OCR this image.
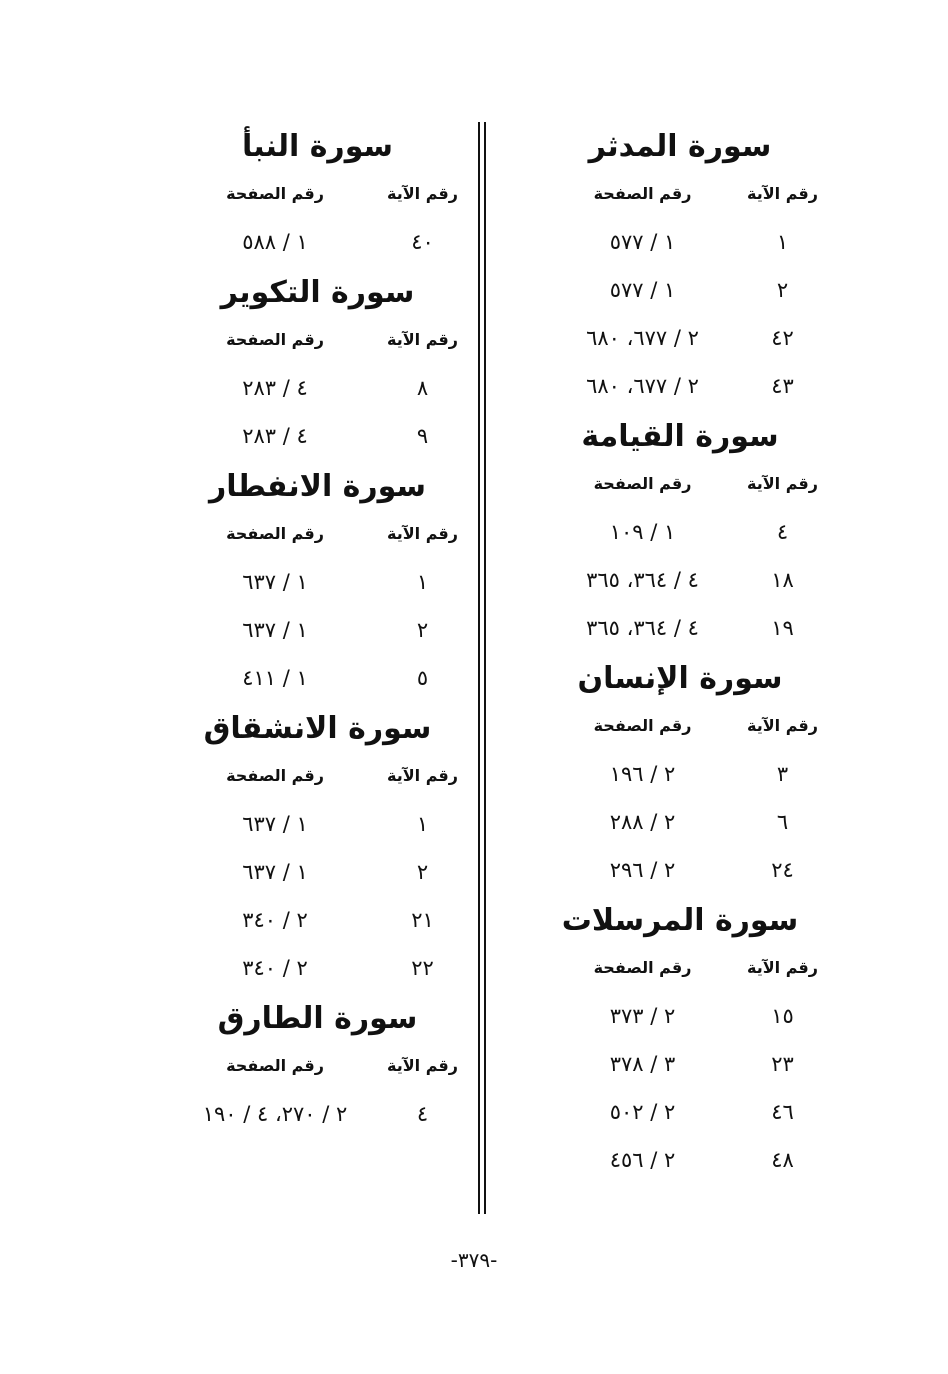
سورة المدثر
رقم الآية
رقم الصفحة
١
١ / ٥٧٧
٢
١ / ٥٧٧
٤٢
٢ / ٦٧٧، ٦٨٠
٤٣
٢ / ٦٧٧، ٦٨٠
سورة القيامة
رقم الآية
رقم الصفحة
٤
١ / ١٠٩
١٨
٤ / ٣٦٤، ٣٦٥
١٩
٤ / ٣٦٤، ٣٦٥
سورة الإنسان
رقم الآية
رقم الصفحة
٣
٢ / ١٩٦
٦
٢ / ٢٨٨
٢٤
٢ / ٢٩٦
سورة المرسلات
رقم الآية
رقم الصفحة
١٥
٢ / ٣٧٣
٢٣
٣ / ٣٧٨
٤٦
٢ / ٥٠٢
٤٨
٢ / ٤٥٦
سورة النبأ
رقم الآية
رقم الصفحة
٤٠
١ / ٥٨٨
سورة التكوير
رقم الآية
رقم الصفحة
٨
٤ / ٢٨٣
٩
٤ / ٢٨٣
سورة الانفطار
رقم الآية
رقم الصفحة
١
١ / ٦٣٧
٢
١ / ٦٣٧
٥
١ / ٤١١
سورة الانشقاق
رقم الآية
رقم الصفحة
١
١ / ٦٣٧
٢
١ / ٦٣٧
٢١
٢ / ٣٤٠
٢٢
٢ / ٣٤٠
سورة الطارق
رقم الآية
رقم الصفحة
٤
٢ / ٢٧٠، ٤ / ١٩٠
-٣٧٩-
